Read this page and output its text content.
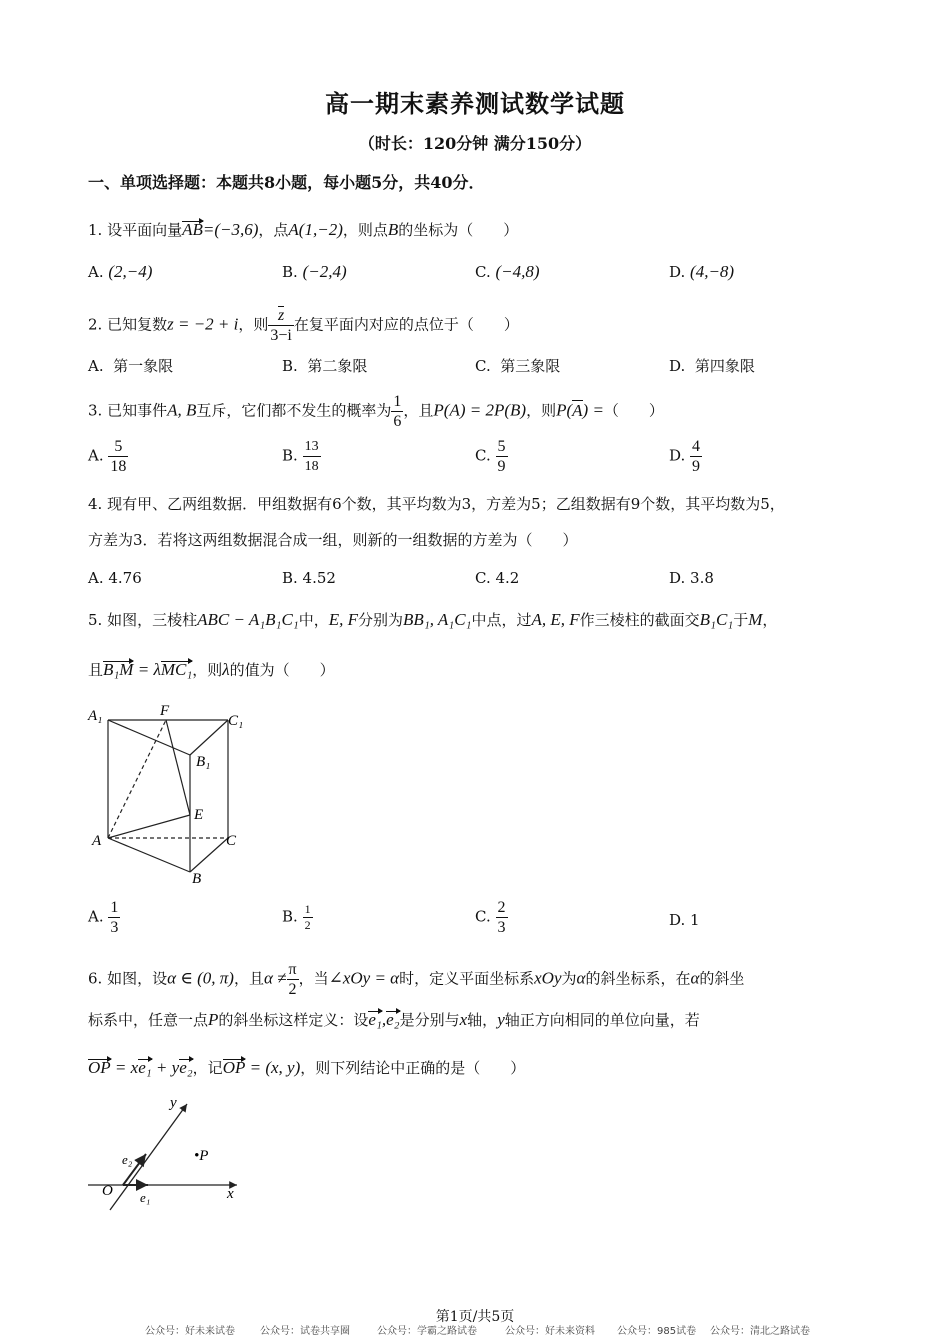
高一期末素养测试数学试题
（时长：120分钟 满分150分）
一、单项选择题：本题共8小题，每小题5分，共40分．
1. 设平面向量AB=(−3,6)，点A(1,−2)，则点B的坐标为（　　）
A. (2,−4)	B. (−2,4)	C. (−4,8)	D. (4,−8)
2. 已知复数z = −2 + i，则 $\frac{z}{3-i}$ 在复平面内对应的点位于（　　）
A. 第一象限	B. 第二象限	C. 第三象限	D. 第四象限
3. 已知事件A, B互斥，它们都不发生的概率为 $\frac{1}{6}$ ，且P(A) = 2P(B)，则P(A) =（　　）
A. $\frac{5}{18}$	B. $\frac{13}{18}$	C. $\frac{5}{9}$	D. $\frac{4}{9}$
4. 现有甲、乙两组数据．甲组数据有6个数，其平均数为3，方差为5；乙组数据有9个数，其平均数为5，
方差为3．若将这两组数据混合成一组，则新的一组数据的方差为（　　）
A. 4.76	B. 4.52	C. 4.2	D. 3.8
5. 如图，三棱柱ABC − A₁B₁C₁中，E, F分别为BB₁, A₁C₁中点，过A, E, F作三棱柱的截面交B₁C₁于M，
且B₁M = λMC₁，则λ的值为（　　）
A₁	F
C₁
B₁
E
A	C
B
A. $\frac{1}{3}$	B. $\frac{1}{2}$	C. $\frac{2}{3}$	D. 1
6. 如图，设α ∈ (0, π)，且$\alpha \ne \frac{\pi}{2}$ ，当∠xOy = α时，定义平面坐标系xOy为α的斜坐标系，在α的斜坐
标系中，任意一点P的斜坐标这样定义：设e₁,e₂是分别与x轴，y轴正方向相同的单位向量，若
OP = xe₁ + ye₂，记OP = (x, y)，则下列结论中正确的是（　　）
y
e₂	•P
O e₁	x
第1页/共5页
公众号：好未来试卷	公众号：试卷共享圈	公众号：学霸之路试卷	公众号：好未来资料 公众号：985试卷 公众号：清北之路试卷
